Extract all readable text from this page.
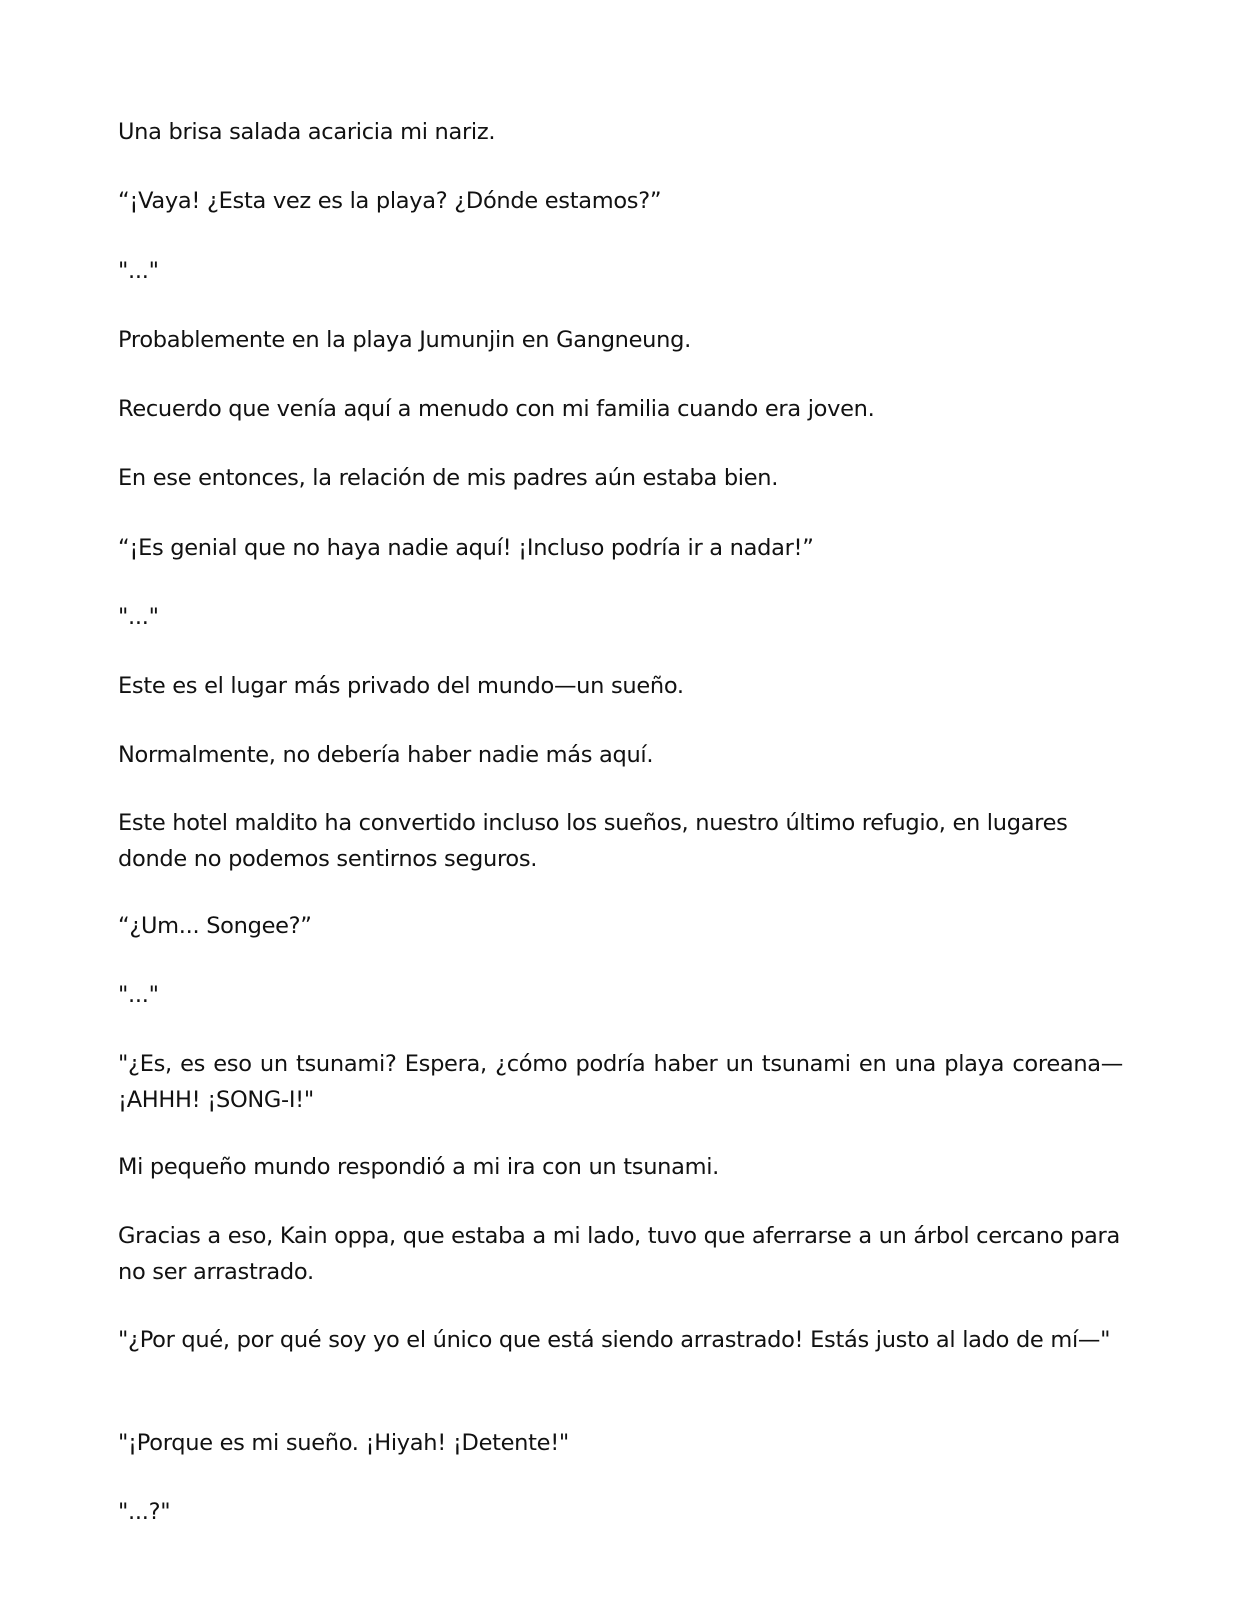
Una brisa salada acaricia mi nariz.

“¡Vaya! ¿Esta vez es la playa? ¿Dónde estamos?”

"..."

Probablemente en la playa Jumunjin en Gangneung.

Recuerdo que venía aquí a menudo con mi familia cuando era joven.

En ese entonces, la relación de mis padres aún estaba bien.

“¡Es genial que no haya nadie aquí! ¡Incluso podría ir a nadar!”

"..."

Este es el lugar más privado del mundo—un sueño.

Normalmente, no debería haber nadie más aquí.

Este hotel maldito ha convertido incluso los sueños, nuestro último refugio, en lugares donde no podemos sentirnos seguros.

“¿Um... Songee?”

"..."

"¿Es, es eso un tsunami? Espera, ¿cómo podría haber un tsunami en una playa coreana—¡AHHH! ¡SONG-I!"

Mi pequeño mundo respondió a mi ira con un tsunami.

Gracias a eso, Kain oppa, que estaba a mi lado, tuvo que aferrarse a un árbol cercano para no ser arrastrado.

"¿Por qué, por qué soy yo el único que está siendo arrastrado! Estás justo al lado de mí—"

"¡Porque es mi sueño. ¡Hiyah! ¡Detente!"

"...?"
